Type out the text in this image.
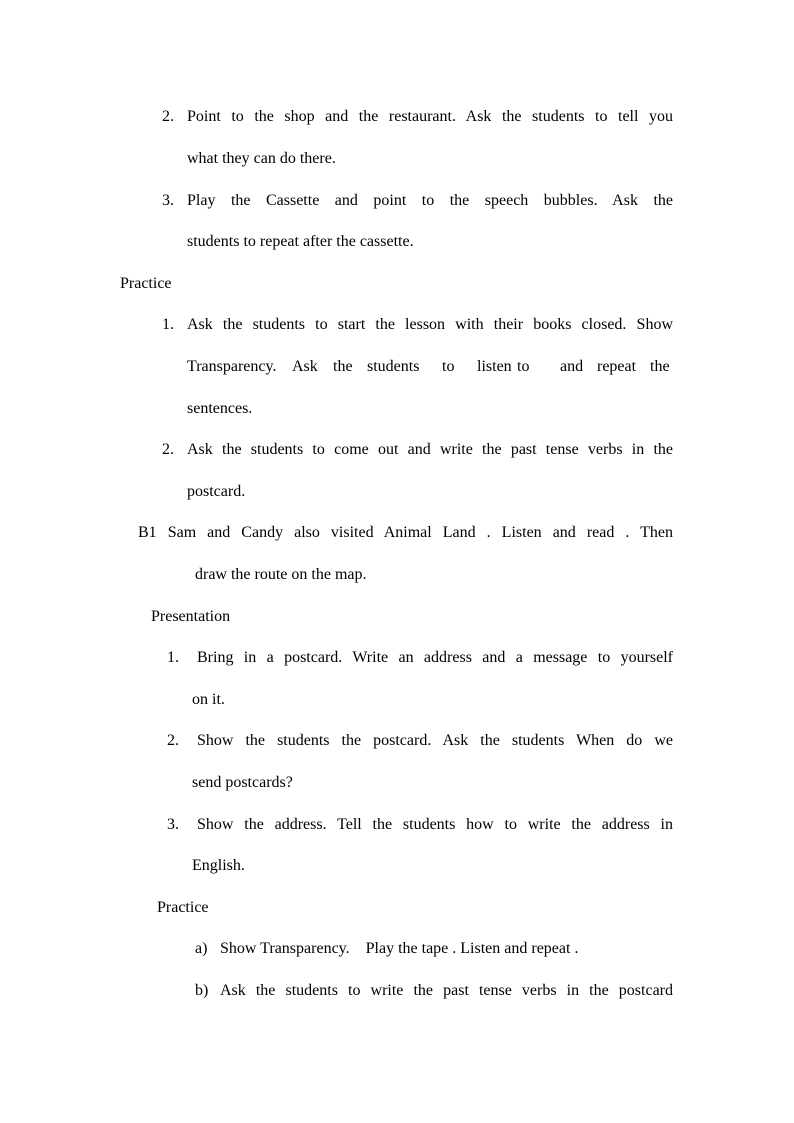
2. Point to the shop and the restaurant. Ask the students to tell you
what they can do there.
3. Play the Cassette and point to the speech bubbles. Ask the
students to repeat after the cassette.
Practice
1. Ask the students to start the lesson with their books closed. Show

Transparency.

Ask

the

students

to

listen

to

and

repeat

the

sentences.
2. Ask the students to come out and write the past tense verbs in the
postcard.
B1 Sam and Candy also visited Animal Land . Listen and read . Then
draw the route on the map.
Presentation
1. Bring in a postcard. Write an address and a message to yourself
on it.
2. Show the students the postcard. Ask the students When do we
send postcards?
3. Show the address. Tell the students how to write the address in
English.
Practice
a) Show Transparency.    Play the tape . Listen and repeat .
b) Ask the students to write the past tense verbs in the postcard
